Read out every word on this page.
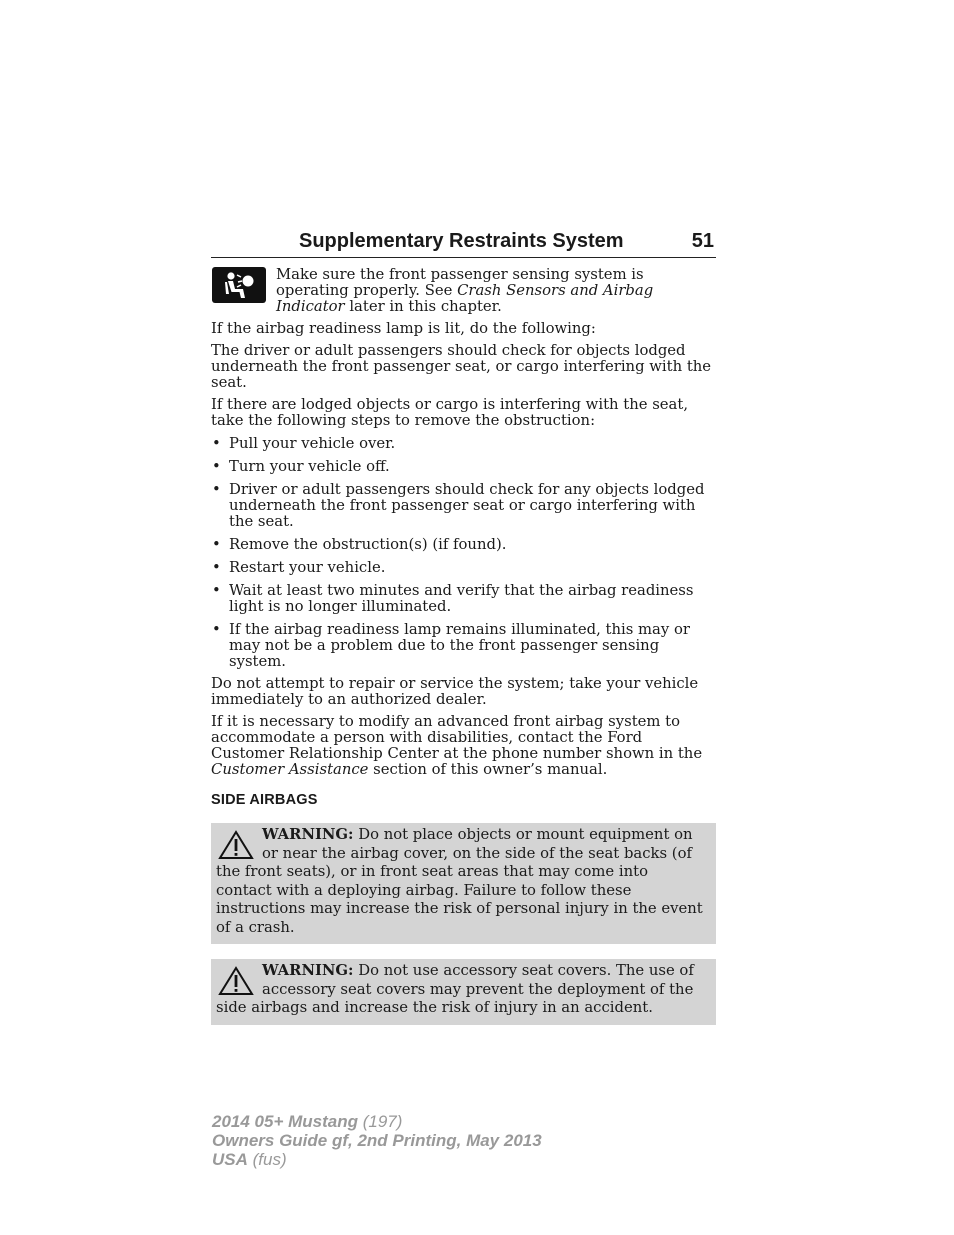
Supplementary Restraints System	51

Make sure the front passenger sensing system is operating properly. See Crash Sensors and Airbag Indicator later in this chapter.

If the airbag readiness lamp is lit, do the following:

The driver or adult passengers should check for objects lodged underneath the front passenger seat, or cargo interfering with the seat.

If there are lodged objects or cargo is interfering with the seat, take the following steps to remove the obstruction:

• Pull your vehicle over.
• Turn your vehicle off.
• Driver or adult passengers should check for any objects lodged underneath the front passenger seat or cargo interfering with the seat.
• Remove the obstruction(s) (if found).
• Restart your vehicle.
• Wait at least two minutes and verify that the airbag readiness light is no longer illuminated.
• If the airbag readiness lamp remains illuminated, this may or may not be a problem due to the front passenger sensing system.

Do not attempt to repair or service the system; take your vehicle immediately to an authorized dealer.

If it is necessary to modify an advanced front airbag system to accommodate a person with disabilities, contact the Ford Customer Relationship Center at the phone number shown in the Customer Assistance section of this owner’s manual.

SIDE AIRBAGS

WARNING: Do not place objects or mount equipment on or near the airbag cover, on the side of the seat backs (of the front seats), or in front seat areas that may come into contact with a deploying airbag. Failure to follow these instructions may increase the risk of personal injury in the event of a crash.

WARNING: Do not use accessory seat covers. The use of accessory seat covers may prevent the deployment of the side airbags and increase the risk of injury in an accident.

2014 05+ Mustang (197)
Owners Guide gf, 2nd Printing, May 2013
USA (fus)
